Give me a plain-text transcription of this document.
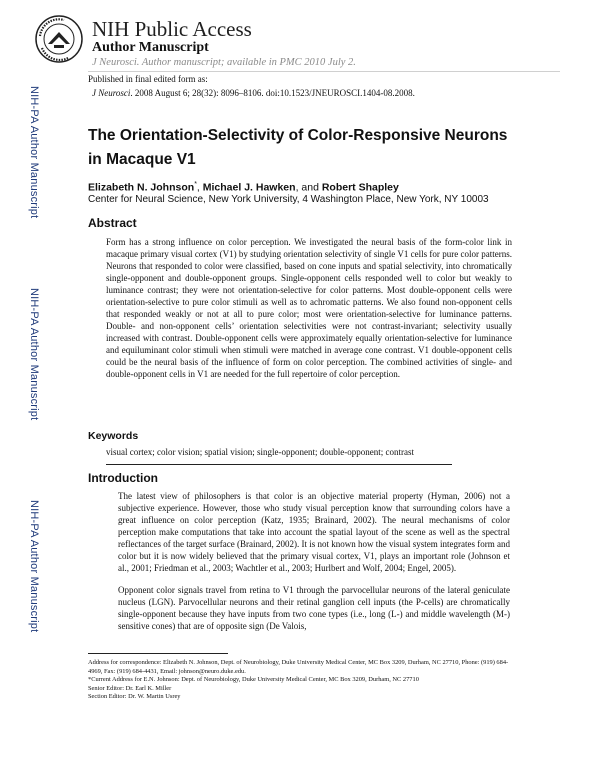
NIH Public Access
Author Manuscript
J Neurosci. Author manuscript; available in PMC 2010 July 2.
Published in final edited form as:
J Neurosci. 2008 August 6; 28(32): 8096–8106. doi:10.1523/JNEUROSCI.1404-08.2008.
NIH-PA Author Manuscript
NIH-PA Author Manuscript
NIH-PA Author Manuscript
The Orientation-Selectivity of Color-Responsive Neurons in Macaque V1
Elizabeth N. Johnson*, Michael J. Hawken, and Robert Shapley
Center for Neural Science, New York University, 4 Washington Place, New York, NY 10003
Abstract
Form has a strong influence on color perception. We investigated the neural basis of the form-color link in macaque primary visual cortex (V1) by studying orientation selectivity of single V1 cells for pure color patterns. Neurons that responded to color were classified, based on cone inputs and spatial selectivity, into chromatically single-opponent and double-opponent groups. Single-opponent cells responded well to color but weakly to luminance contrast; they were not orientation-selective for color patterns. Most double-opponent cells were orientation-selective to pure color stimuli as well as to achromatic patterns. We also found non-opponent cells that responded weakly or not at all to pure color; most were orientation-selective for luminance patterns. Double- and non-opponent cells’ orientation selectivities were not contrast-invariant; selectivity usually increased with contrast. Double-opponent cells were approximately equally orientation-selective for luminance and equiluminant color stimuli when stimuli were matched in average cone contrast. V1 double-opponent cells could be the neural basis of the influence of form on color perception. The combined activities of single- and double-opponent cells in V1 are needed for the full repertoire of color perception.
Keywords
visual cortex; color vision; spatial vision; single-opponent; double-opponent; contrast
Introduction
The latest view of philosophers is that color is an objective material property (Hyman, 2006) not a subjective experience. However, those who study visual perception know that surrounding colors have a great influence on color perception (Katz, 1935; Brainard, 2002). The neural mechanisms of color perception make computations that take into account the spatial layout of the scene as well as the spectral reflectances of the target surface (Brainard, 2002). It is not known how the visual system integrates form and color but it is now widely believed that the primary visual cortex, V1, plays an important role (Johnson et al., 2001; Friedman et al., 2003; Wachtler et al., 2003; Hurlbert and Wolf, 2004; Engel, 2005).
Opponent color signals travel from retina to V1 through the parvocellular neurons of the lateral geniculate nucleus (LGN). Parvocellular neurons and their retinal ganglion cell inputs (the P-cells) are chromatically single-opponent because they have inputs from two cone types (i.e., long (L-) and middle wavelength (M-) sensitive cones) that are of opposite sign (De Valois,
Address for correspondence: Elizabeth N. Johnson, Dept. of Neurobiology, Duke University Medical Center, MC Box 3209, Durham, NC 27710, Phone: (919) 684-4969, Fax: (919) 684-4431, Email: johnson@neuro.duke.edu.
*Current Address for E.N. Johnson: Dept. of Neurobiology, Duke University Medical Center, MC Box 3209, Durham, NC 27710
Senior Editor: Dr. Earl K. Miller
Section Editor: Dr. W. Martin Usrey
